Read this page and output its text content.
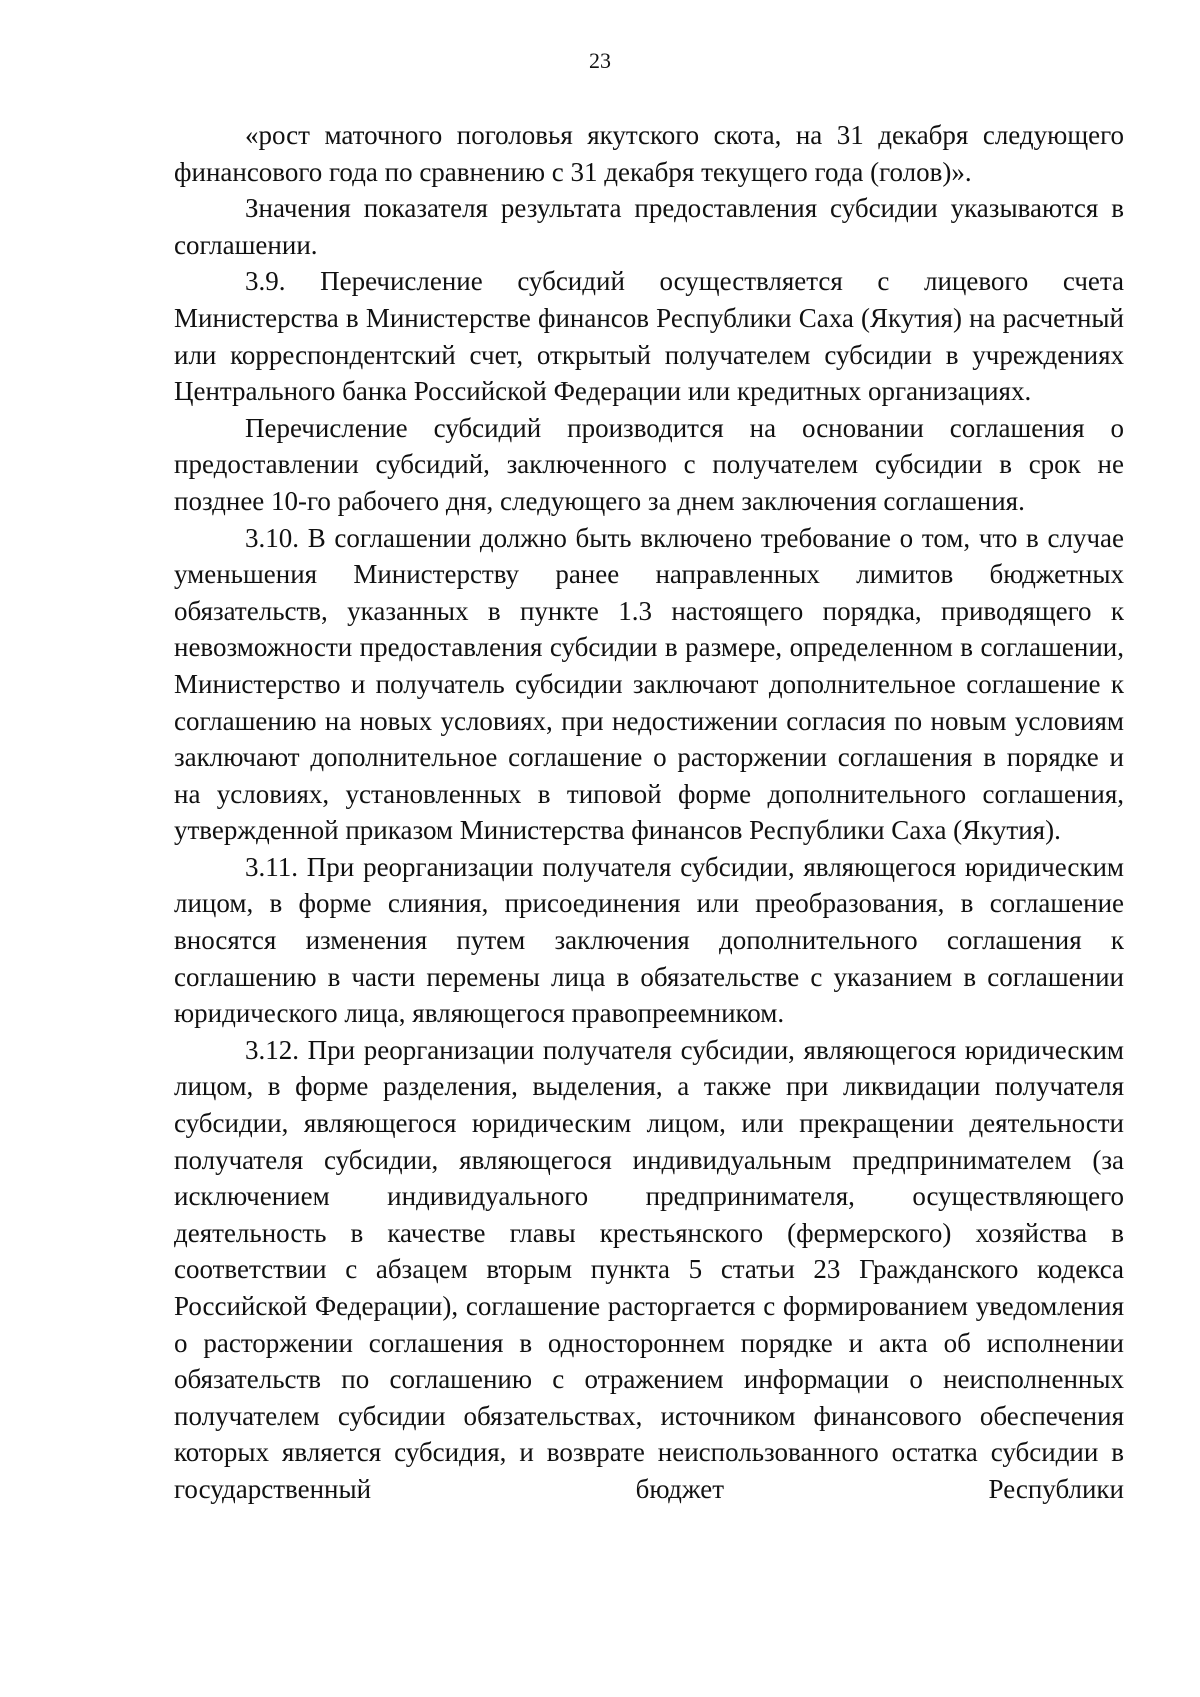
23

«рост маточного поголовья якутского скота, на 31 декабря следующего финансового года по сравнению с 31 декабря текущего года (голов)».

Значения показателя результата предоставления субсидии указываются в соглашении.

3.9. Перечисление субсидий осуществляется с лицевого счета Министерства в Министерстве финансов Республики Саха (Якутия) на расчетный или корреспондентский счет, открытый получателем субсидии в учреждениях Центрального банка Российской Федерации или кредитных организациях.

Перечисление субсидий производится на основании соглашения о предоставлении субсидий, заключенного с получателем субсидии в срок не позднее 10-го рабочего дня, следующего за днем заключения соглашения.

3.10. В соглашении должно быть включено требование о том, что в случае уменьшения Министерству ранее направленных лимитов бюджетных обязательств, указанных в пункте 1.3 настоящего порядка, приводящего к невозможности предоставления субсидии в размере, определенном в соглашении, Министерство и получатель субсидии заключают дополнительное соглашение к соглашению на новых условиях, при недостижении согласия по новым условиям заключают дополнительное соглашение о расторжении соглашения в порядке и на условиях, установленных в типовой форме дополнительного соглашения, утвержденной приказом Министерства финансов Республики Саха (Якутия).

3.11. При реорганизации получателя субсидии, являющегося юридическим лицом, в форме слияния, присоединения или преобразования, в соглашение вносятся изменения путем заключения дополнительного соглашения к соглашению в части перемены лица в обязательстве с указанием в соглашении юридического лица, являющегося правопреемником.

3.12. При реорганизации получателя субсидии, являющегося юридическим лицом, в форме разделения, выделения, а также при ликвидации получателя субсидии, являющегося юридическим лицом, или прекращении деятельности получателя субсидии, являющегося индивидуальным предпринимателем (за исключением индивидуального предпринимателя, осуществляющего деятельность в качестве главы крестьянского (фермерского) хозяйства в соответствии с абзацем вторым пункта 5 статьи 23 Гражданского кодекса Российской Федерации), соглашение расторгается с формированием уведомления о расторжении соглашения в одностороннем порядке и акта об исполнении обязательств по соглашению с отражением информации о неисполненных получателем субсидии обязательствах, источником финансового обеспечения которых является субсидия, и возврате неиспользованного остатка субсидии в государственный бюджет Республики
